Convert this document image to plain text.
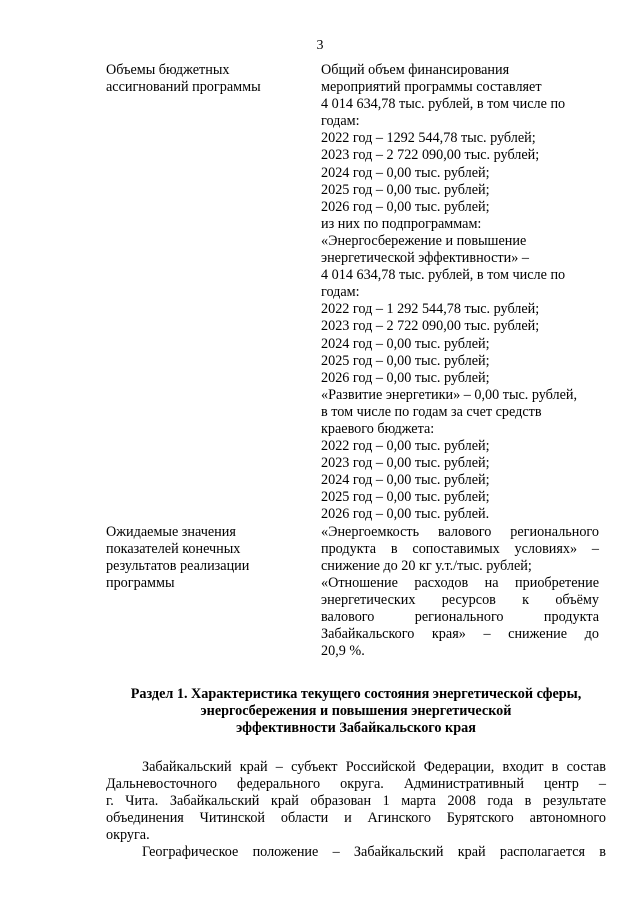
3
Объемы бюджетных
ассигнований программы
Общий объем финансирования
мероприятий программы составляет
4 014 634,78 тыс. рублей, в том числе по
годам:
2022 год – 1292 544,78 тыс. рублей;
2023 год – 2 722 090,00 тыс. рублей;
2024 год – 0,00 тыс. рублей;
2025 год – 0,00 тыс. рублей;
2026 год – 0,00 тыс. рублей;
из них по подпрограммам:
«Энергосбережение и повышение
энергетической эффективности» –
4 014 634,78 тыс. рублей, в том числе по
годам:
2022 год – 1 292 544,78 тыс. рублей;
2023 год – 2 722 090,00 тыс. рублей;
2024 год – 0,00 тыс. рублей;
2025 год – 0,00 тыс. рублей;
2026 год – 0,00 тыс. рублей;
«Развитие энергетики» – 0,00 тыс. рублей,
в том числе по годам за счет средств
краевого бюджета:
2022 год – 0,00 тыс. рублей;
2023 год – 0,00 тыс. рублей;
2024 год – 0,00 тыс. рублей;
2025 год – 0,00 тыс. рублей;
2026 год – 0,00 тыс. рублей.
Ожидаемые значения
показателей конечных
результатов реализации
программы
«Энергоемкость валового регионального
продукта в сопоставимых условиях» –
снижение до 20 кг у.т./тыс. рублей;
«Отношение расходов на приобретение
энергетических ресурсов к объёму
валового регионального продукта
Забайкальского края» – снижение до
20,9 %.
Раздел 1. Характеристика текущего состояния энергетической сферы,
энергосбережения и повышения энергетической
эффективности Забайкальского края
Забайкальский край – субъект Российской Федерации, входит в состав
Дальневосточного федерального округа. Административный центр –
г. Чита. Забайкальский край образован 1 марта 2008 года в результате
объединения Читинской области и Агинского Бурятского автономного
округа.
Географическое положение – Забайкальский край располагается в
